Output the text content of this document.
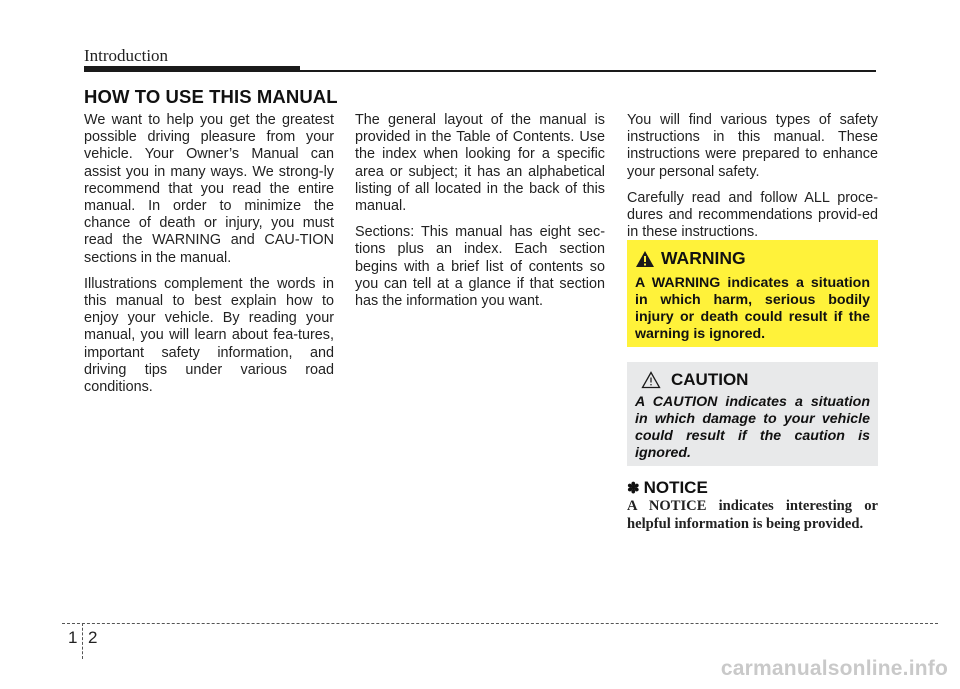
Introduction
HOW TO USE THIS MANUAL

We want to help you get the greatest possible driving pleasure from your vehicle. Your Owner’s Manual can assist you in many ways. We strong-ly recommend that you read the entire manual. In order to minimize the chance of death or injury, you must read the WARNING and CAU-TION sections in the manual.

Illustrations complement the words in this manual to best explain how to enjoy your vehicle. By reading your manual, you will learn about fea-tures, important safety information, and driving tips under various road conditions.

The general layout of the manual is provided in the Table of Contents. Use the index when looking for a specific area or subject; it has an alphabetical listing of all located in the back of this manual.

Sections: This manual has eight sec-tions plus an index. Each section begins with a brief list of contents so you can tell at a glance if that section has the information you want.

You will find various types of safety instructions in this manual. These instructions were prepared to enhance your personal safety.

Carefully read and follow ALL proce-dures and recommendations provid-ed in these instructions.

WARNING
A WARNING indicates a situation in which harm, serious bodily injury or death could result if the warning is ignored.
CAUTION
A CAUTION indicates a situation in which damage to your vehicle could result if the caution is ignored.
✽ NOTICE
A NOTICE indicates interesting or helpful information is being provided.
1 2
carmanualsonline.info
